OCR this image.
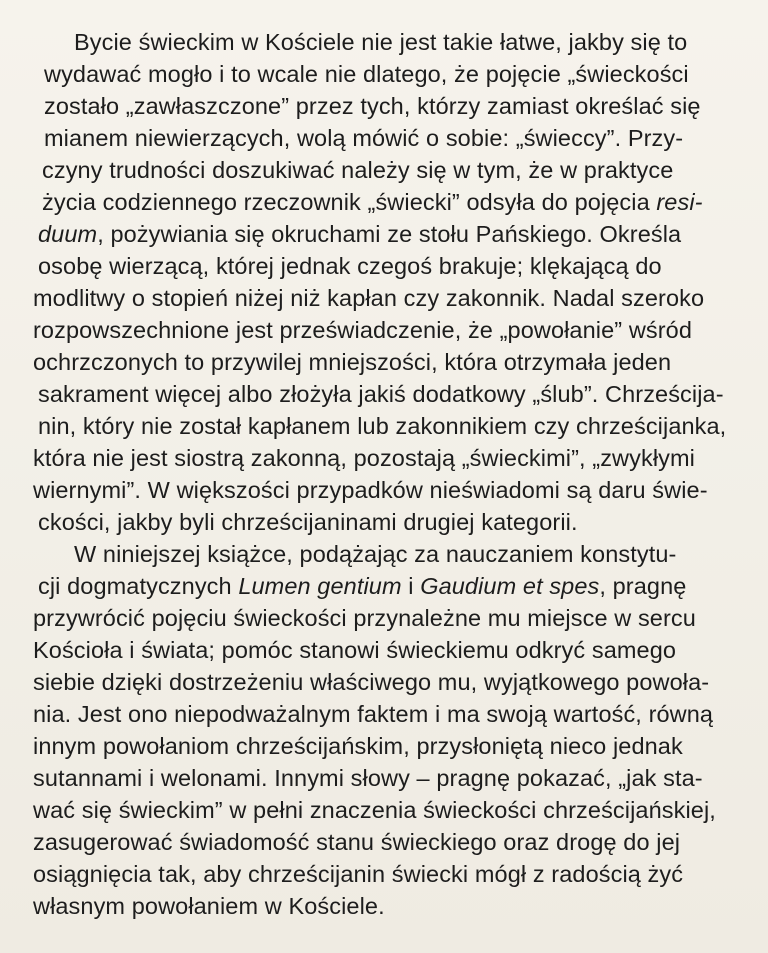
Bycie świeckim w Kościele nie jest takie łatwe, jakby się to
wydawać mogło i to wcale nie dlatego, że pojęcie „świeckości
zostało „zawłaszczone” przez tych, którzy zamiast określać się
mianem niewierzących, wolą mówić o sobie: „świeccy”. Przy-
czyny trudności doszukiwać należy się w tym, że w praktyce
życia codziennego rzeczownik „świecki” odsyła do pojęcia resi-
duum, pożywiania się okruchami ze stołu Pańskiego. Określa
osobę wierzącą, której jednak czegoś brakuje; klękającą do
modlitwy o stopień niżej niż kapłan czy zakonnik. Nadal szeroko
rozpowszechnione jest przeświadczenie, że „powołanie” wśród
ochrzczonych to przywilej mniejszości, która otrzymała jeden
sakrament więcej albo złożyła jakiś dodatkowy „ślub”. Chrześcija-
nin, który nie został kapłanem lub zakonnikiem czy chrześcijanka,
która nie jest siostrą zakonną, pozostają „świeckimi”, „zwykłymi
wiernymi”. W większości przypadków nieświadomi są daru świe-
ckości, jakby byli chrześcijaninami drugiej kategorii.
W niniejszej książce, podążając za nauczaniem konstytu-
cji dogmatycznych Lumen gentium i Gaudium et spes, pragnę
przywrócić pojęciu świeckości przynależne mu miejsce w sercu
Kościoła i świata; pomóc stanowi świeckiemu odkryć samego
siebie dzięki dostrzeżeniu właściwego mu, wyjątkowego powoła-
nia. Jest ono niepodważalnym faktem i ma swoją wartość, równą
innym powołaniom chrześcijańskim, przysłoniętą nieco jednak
sutannami i welonami. Innymi słowy – pragnę pokazać, „jak sta-
wać się świeckim” w pełni znaczenia świeckości chrześcijańskiej,
zasugerować świadomość stanu świeckiego oraz drogę do jej
osiągnięcia tak, aby chrześcijanin świecki mógł z radością żyć
własnym powołaniem w Kościele.
